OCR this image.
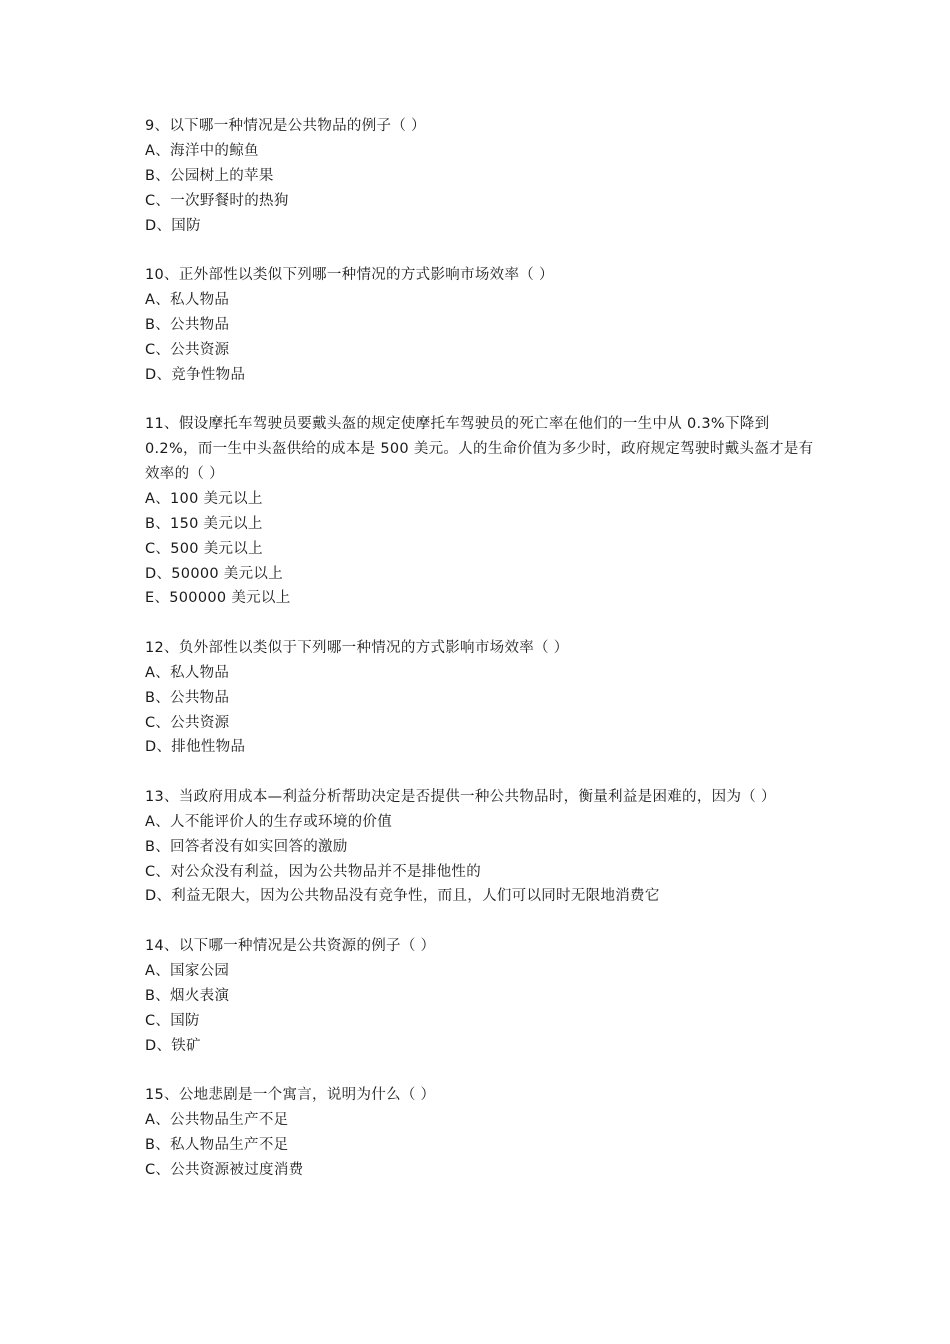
9、以下哪一种情况是公共物品的例子（ ）

A、海洋中的鲸鱼
B、公园树上的苹果
C、一次野餐时的热狗
D、国防

10、正外部性以类似下列哪一种情况的方式影响市场效率（ ）

A、私人物品
B、公共物品
C、公共资源
D、竞争性物品

11、假设摩托车驾驶员要戴头盔的规定使摩托车驾驶员的死亡率在他们的一生中从 0.3%下降到 0.2%，而一生中头盔供给的成本是 500 美元。人的生命价值为多少时，政府规定驾驶时戴头盔才是有效率的（ ）

A、100 美元以上
B、150 美元以上
C、500 美元以上
D、50000 美元以上
E、500000 美元以上

12、负外部性以类似于下列哪一种情况的方式影响市场效率（ ）

A、私人物品
B、公共物品
C、公共资源
D、排他性物品

13、当政府用成本—利益分析帮助决定是否提供一种公共物品时，衡量利益是困难的，因为（ ）

A、人不能评价人的生存或环境的价值
B、回答者没有如实回答的激励
C、对公众没有利益，因为公共物品并不是排他性的
D、利益无限大，因为公共物品没有竞争性，而且，人们可以同时无限地消费它

14、以下哪一种情况是公共资源的例子（ ）

A、国家公园
B、烟火表演
C、国防
D、铁矿

15、公地悲剧是一个寓言，说明为什么（ ）

A、公共物品生产不足
B、私人物品生产不足
C、公共资源被过度消费
